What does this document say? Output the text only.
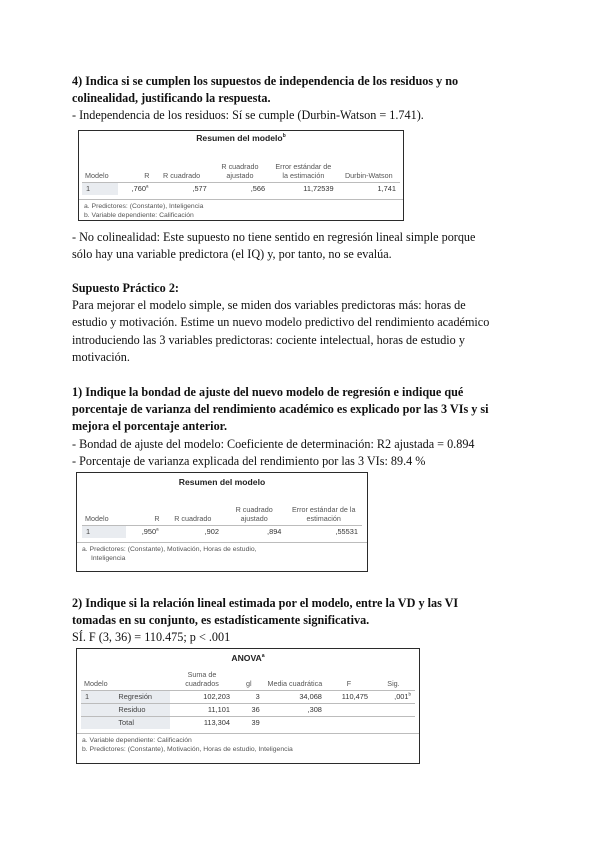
4) Indica si se cumplen los supuestos de independencia de los residuos y no

colinealidad, justificando la respuesta.

- Independencia de los residuos: Sí se cumple (Durbin-Watson = 1.741).

Resumen del modelo$^b$
Modelo	R	R cuadrado	R cuadrado ajustado	Error estándar de la estimación	Durbin-Watson
1	,760$^a$	,577	,566	11,72539	1,741
a. Predictores: (Constante), Inteligencia
b. Variable dependiente: Calificación

- No colinealidad: Este supuesto no tiene sentido en regresión lineal simple porque

sólo hay una variable predictora (el IQ) y, por tanto, no se evalúa.

Supuesto Práctico 2:

Para mejorar el modelo simple, se miden dos variables predictoras más: horas de

estudio y motivación. Estime un nuevo modelo predictivo del rendimiento académico

introduciendo las 3 variables predictoras: cociente intelectual, horas de estudio y

motivación.

1) Indique la bondad de ajuste del nuevo modelo de regresión e indique qué

porcentaje de varianza del rendimiento académico es explicado por las 3 VIs y si

mejora el porcentaje anterior.

- Bondad de ajuste del modelo: Coeficiente de determinación: R2 ajustada = 0.894

- Porcentaje de varianza explicada del rendimiento por las 3 VIs: 89.4 %

Resumen del modelo
Modelo	R	R cuadrado	R cuadrado ajustado	Error estándar de la estimación
1	,950$^a$	,902	,894	,55531
a. Predictores: (Constante), Motivación, Horas de estudio,
Inteligencia

2) Indique si la relación lineal estimada por el modelo, entre la VD y las VI

tomadas en su conjunto, es estadísticamente significativa.

SÍ. F (3, 36) = 110.475; p < .001

ANOVA$^a$
Modelo		Suma de cuadrados	gl	Media cuadrática	F	Sig.
1	Regresión	102,203	3	34,068	110,475	,001$^b$
	Residuo	11,101	36	,308		
	Total	113,304	39			
a. Variable dependiente: Calificación
b. Predictores: (Constante), Motivación, Horas de estudio, Inteligencia
